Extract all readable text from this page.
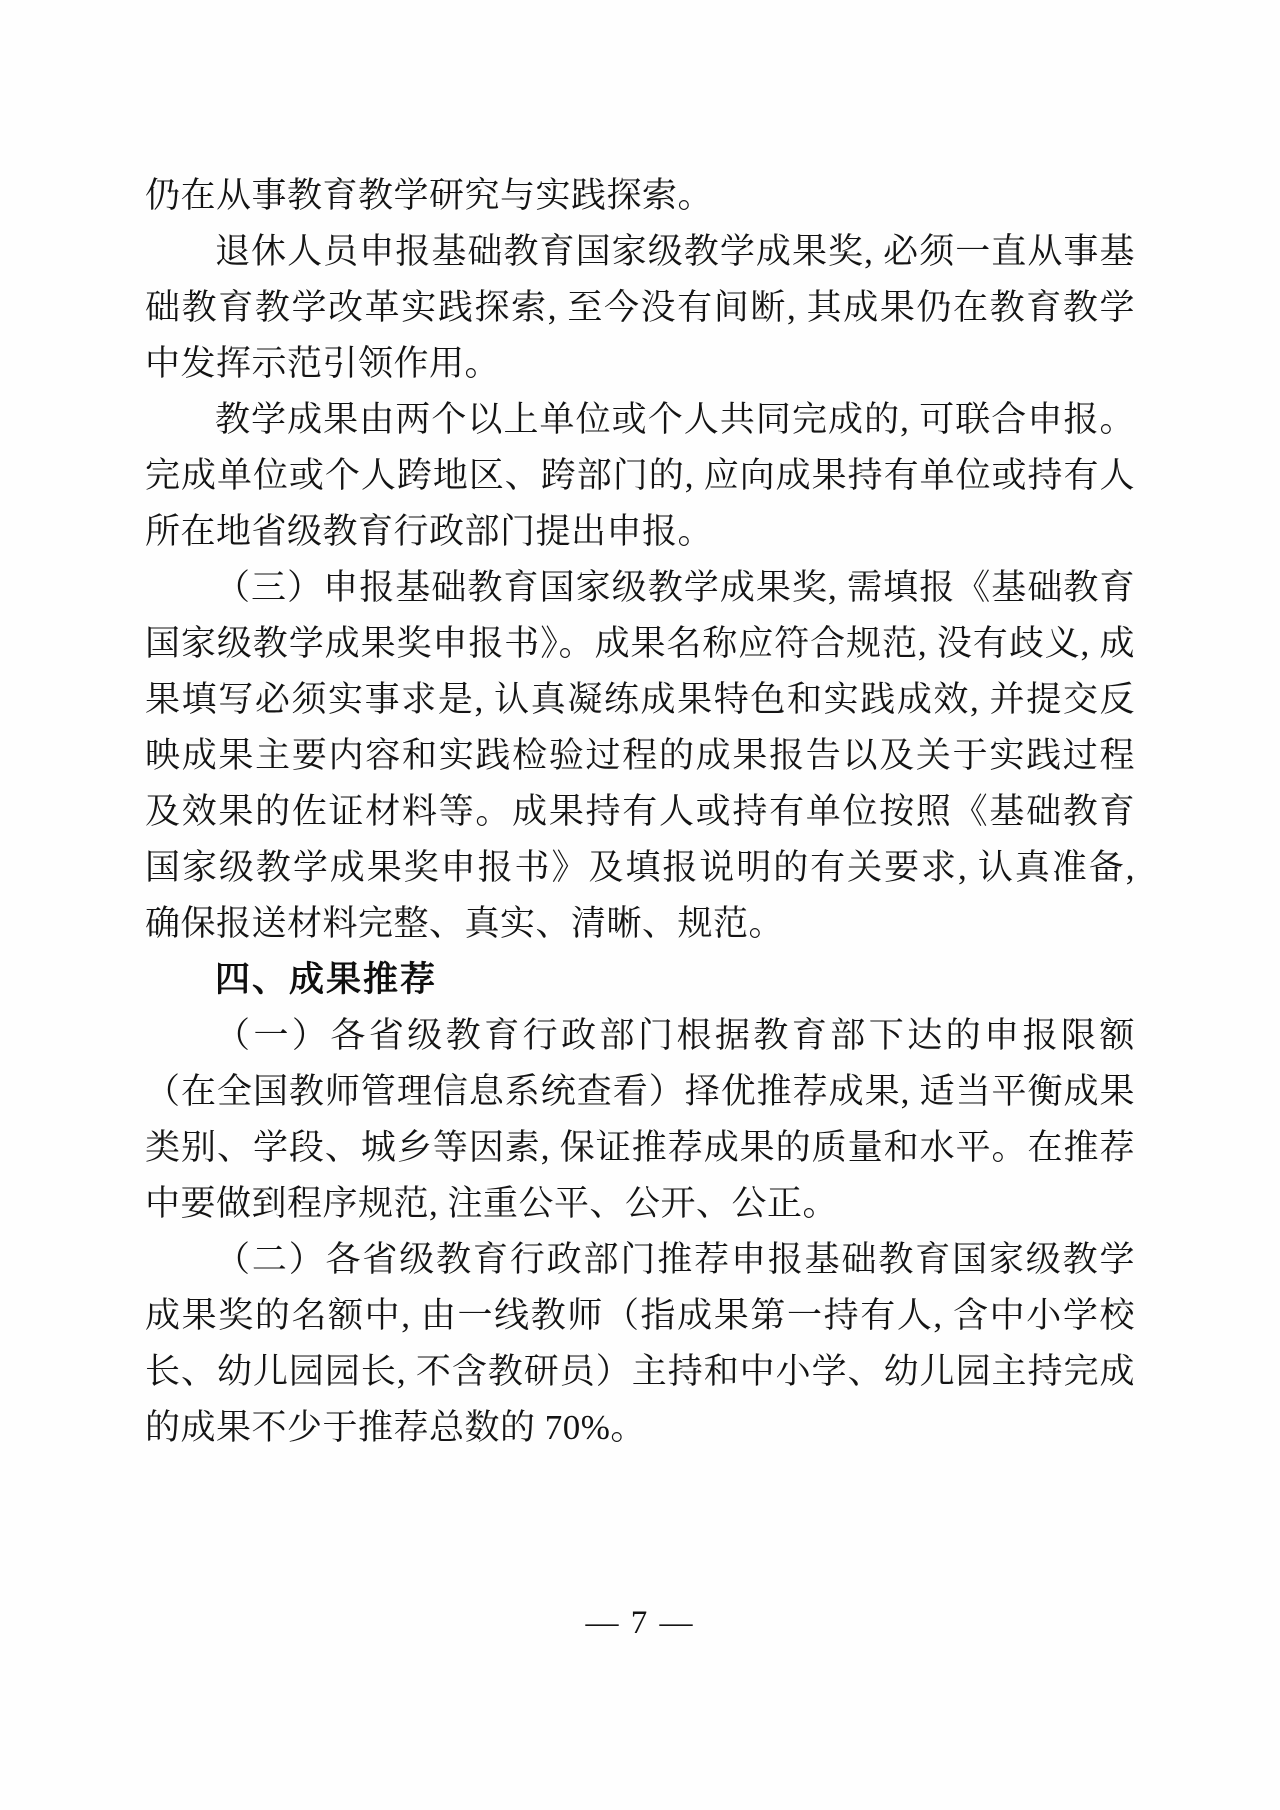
仍在从事教育教学研究与实践探索。

退休人员申报基础教育国家级教学成果奖, 必须一直从事基础教育教学改革实践探索, 至今没有间断, 其成果仍在教育教学中发挥示范引领作用。

教学成果由两个以上单位或个人共同完成的, 可联合申报。完成单位或个人跨地区、跨部门的, 应向成果持有单位或持有人所在地省级教育行政部门提出申报。

（三）申报基础教育国家级教学成果奖, 需填报《基础教育国家级教学成果奖申报书》。成果名称应符合规范, 没有歧义, 成果填写必须实事求是, 认真凝练成果特色和实践成效, 并提交反映成果主要内容和实践检验过程的成果报告以及关于实践过程及效果的佐证材料等。成果持有人或持有单位按照《基础教育国家级教学成果奖申报书》及填报说明的有关要求, 认真准备, 确保报送材料完整、真实、清晰、规范。

四、成果推荐

（一）各省级教育行政部门根据教育部下达的申报限额（在全国教师管理信息系统查看）择优推荐成果, 适当平衡成果类别、学段、城乡等因素, 保证推荐成果的质量和水平。在推荐中要做到程序规范, 注重公平、公开、公正。

（二）各省级教育行政部门推荐申报基础教育国家级教学成果奖的名额中, 由一线教师（指成果第一持有人, 含中小学校长、幼儿园园长, 不含教研员）主持和中小学、幼儿园主持完成的成果不少于推荐总数的 70%。

— 7 —
